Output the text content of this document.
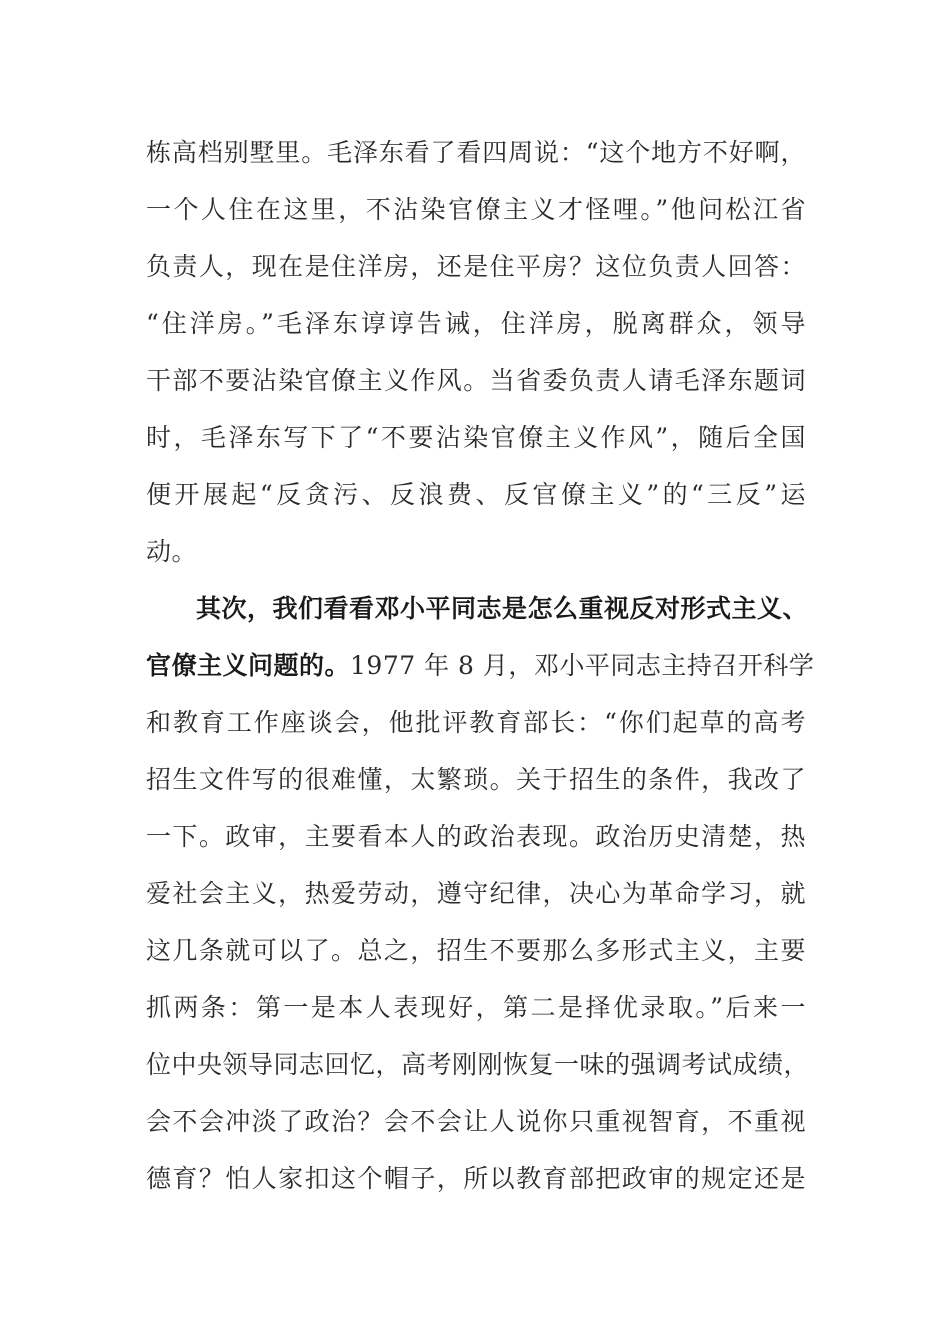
栋高档别墅里。毛泽东看了看四周说：“这个地方不好啊，
一个人住在这里，不沾染官僚主义才怪哩。”他问松江省
负责人，现在是住洋房，还是住平房？这位负责人回答：
“住洋房。”毛泽东谆谆告诫，住洋房，脱离群众，领导
干部不要沾染官僚主义作风。当省委负责人请毛泽东题词
时，毛泽东写下了“不要沾染官僚主义作风”，随后全国
便开展起“反贪污、反浪费、反官僚主义”的“三反”运
动。
其次，我们看看邓小平同志是怎么重视反对形式主义、
官僚主义问题的。1977 年 8 月，邓小平同志主持召开科学
和教育工作座谈会，他批评教育部长：“你们起草的高考
招生文件写的很难懂，太繁琐。关于招生的条件，我改了
一下。政审，主要看本人的政治表现。政治历史清楚，热
爱社会主义，热爱劳动，遵守纪律，决心为革命学习，就
这几条就可以了。总之，招生不要那么多形式主义，主要
抓两条：第一是本人表现好，第二是择优录取。”后来一
位中央领导同志回忆，高考刚刚恢复一味的强调考试成绩，
会不会冲淡了政治？会不会让人说你只重视智育，不重视
德育？怕人家扣这个帽子，所以教育部把政审的规定还是
